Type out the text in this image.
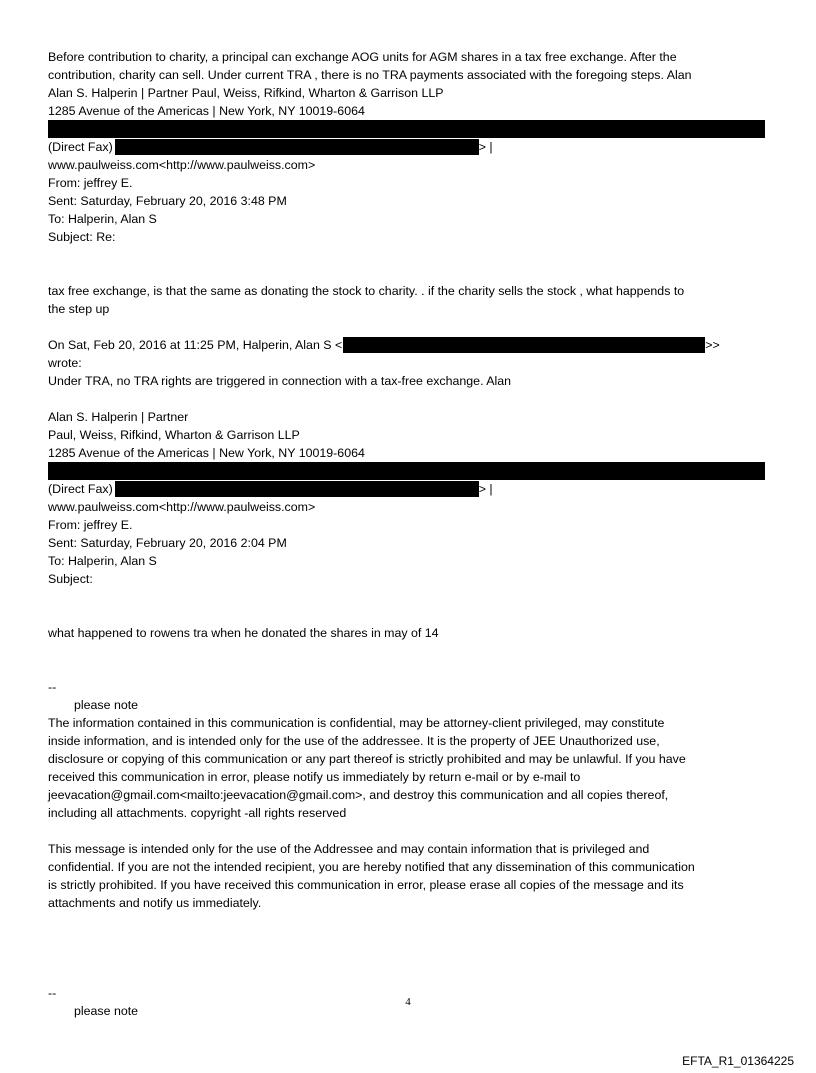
Before contribution to charity, a principal can exchange AOG units for AGM shares in a tax free exchange. After the
contribution, charity can sell. Under current TRA , there is no TRA payments associated with the foregoing steps. Alan
Alan S. Halperin | Partner Paul, Weiss, Rifkind, Wharton & Garrison LLP
1285 Avenue of the Americas | New York, NY 10019-6064
(Direct Fax)	> |
www.paulweiss.com<http://www.paulweiss.com>
From: jeffrey E.
Sent: Saturday, February 20, 2016 3:48 PM
To: Halperin, Alan S
Subject: Re:
tax free exchange, is that the same as donating the stock to charity. . if the charity sells the stock , what happends to
the step up
On Sat, Feb 20, 2016 at 11:25 PM, Halperin, Alan S <	>>
wrote:
Under TRA, no TRA rights are triggered in connection with a tax-free exchange. Alan
Alan S. Halperin | Partner
Paul, Weiss, Rifkind, Wharton & Garrison LLP
1285 Avenue of the Americas | New York, NY 10019-6064
(Direct Fax)	> |
www.paulweiss.com<http://www.paulweiss.com>
From: jeffrey E.
Sent: Saturday, February 20, 2016 2:04 PM
To: Halperin, Alan S
Subject:
what happened to rowens tra when he donated the shares in may of 14
--
please note
The information contained in this communication is confidential, may be attorney-client privileged, may constitute
inside information, and is intended only for the use of the addressee. It is the property of JEE Unauthorized use,
disclosure or copying of this communication or any part thereof is strictly prohibited and may be unlawful. If you have
received this communication in error, please notify us immediately by return e-mail or by e-mail to
jeevacation@gmail.com<mailto:jeevacation@gmail.com>, and destroy this communication and all copies thereof,
including all attachments. copyright -all rights reserved
This message is intended only for the use of the Addressee and may contain information that is privileged and
confidential. If you are not the intended recipient, you are hereby notified that any dissemination of this communication
is strictly prohibited. If you have received this communication in error, please erase all copies of the message and its
attachments and notify us immediately.
--
please note
4
EFTA_R1_01364225
